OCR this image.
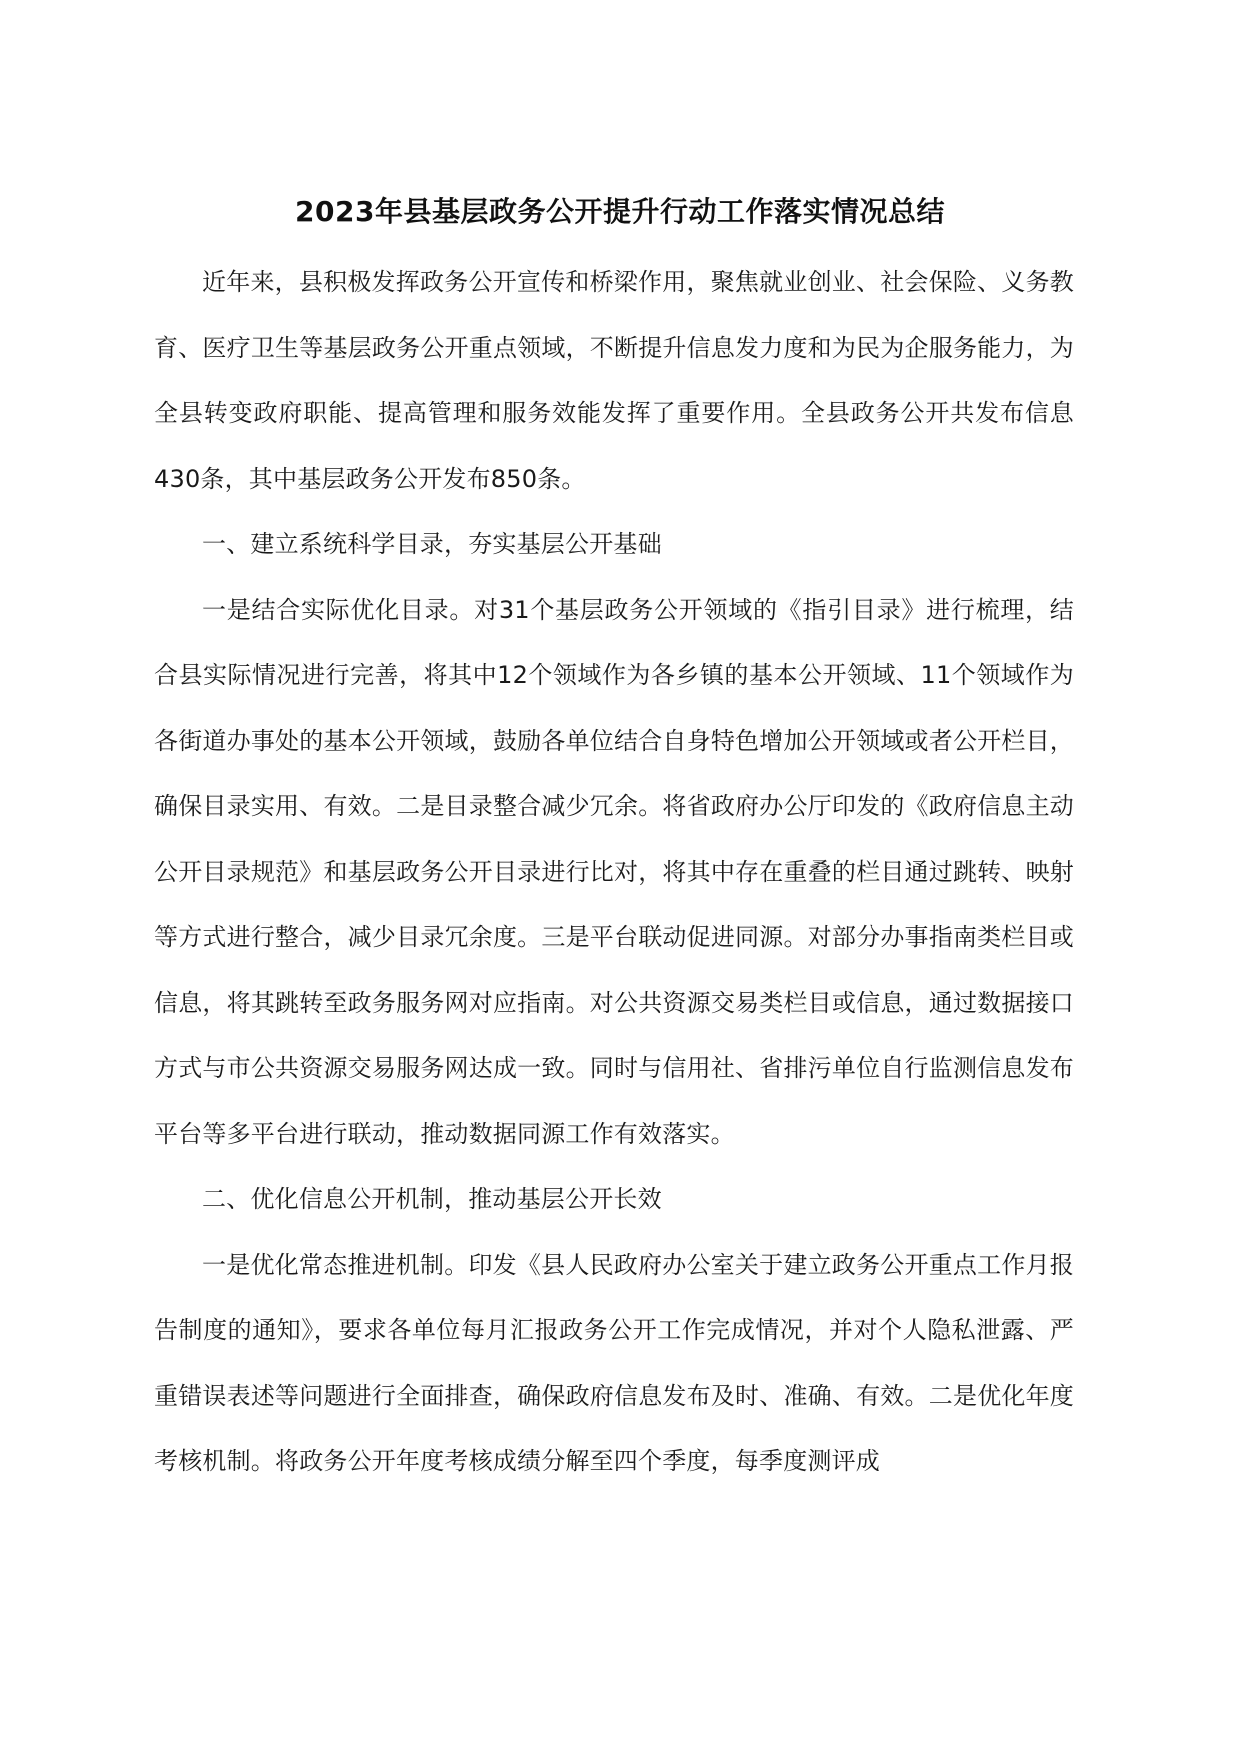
2023年县基层政务公开提升行动工作落实情况总结

近年来，县积极发挥政务公开宣传和桥梁作用，聚焦就业创业、社会保险、义务教育、医疗卫生等基层政务公开重点领域，不断提升信息发力度和为民为企服务能力，为全县转变政府职能、提高管理和服务效能发挥了重要作用。全县政务公开共发布信息430条，其中基层政务公开发布850条。

一、建立系统科学目录，夯实基层公开基础

一是结合实际优化目录。对31个基层政务公开领域的《指引目录》进行梳理，结合县实际情况进行完善，将其中12个领域作为各乡镇的基本公开领域、11个领域作为各街道办事处的基本公开领域，鼓励各单位结合自身特色增加公开领域或者公开栏目，确保目录实用、有效。二是目录整合减少冗余。将省政府办公厅印发的《政府信息主动公开目录规范》和基层政务公开目录进行比对，将其中存在重叠的栏目通过跳转、映射等方式进行整合，减少目录冗余度。三是平台联动促进同源。对部分办事指南类栏目或信息，将其跳转至政务服务网对应指南。对公共资源交易类栏目或信息，通过数据接口方式与市公共资源交易服务网达成一致。同时与信用社、省排污单位自行监测信息发布平台等多平台进行联动，推动数据同源工作有效落实。

二、优化信息公开机制，推动基层公开长效

一是优化常态推进机制。印发《县人民政府办公室关于建立政务公开重点工作月报告制度的通知》，要求各单位每月汇报政务公开工作完成情况，并对个人隐私泄露、严重错误表述等问题进行全面排查，确保政府信息发布及时、准确、有效。二是优化年度考核机制。将政务公开年度考核成绩分解至四个季度，每季度测评成
